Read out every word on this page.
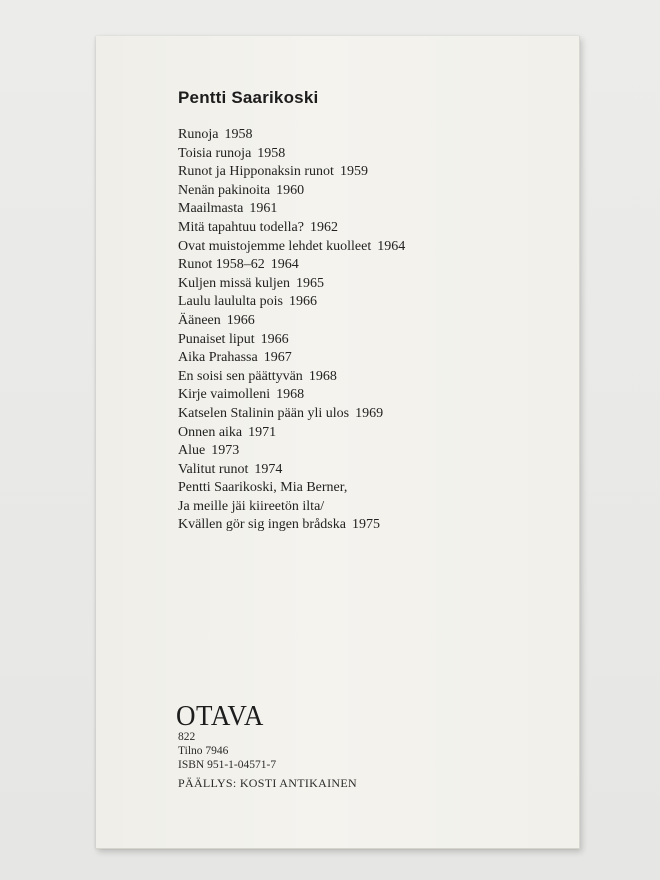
Pentti Saarikoski
Runoja 1958
Toisia runoja 1958
Runot ja Hipponaksin runot 1959
Nenän pakinoita 1960
Maailmasta 1961
Mitä tapahtuu todella? 1962
Ovat muistojemme lehdet kuolleet 1964
Runot 1958–62 1964
Kuljen missä kuljen 1965
Laulu laululta pois 1966
Ääneen 1966
Punaiset liput 1966
Aika Prahassa 1967
En soisi sen päättyvän 1968
Kirje vaimolleni 1968
Katselen Stalinin pään yli ulos 1969
Onnen aika 1971
Alue 1973
Valitut runot 1974
Pentti Saarikoski, Mia Berner,
Ja meille jäi kiireetön ilta/
Kvällen gör sig ingen brådska 1975
OTAVA
822
Tilno 7946
ISBN 951-1-04571-7
PÄÄLLYS: KOSTI ANTIKAINEN
